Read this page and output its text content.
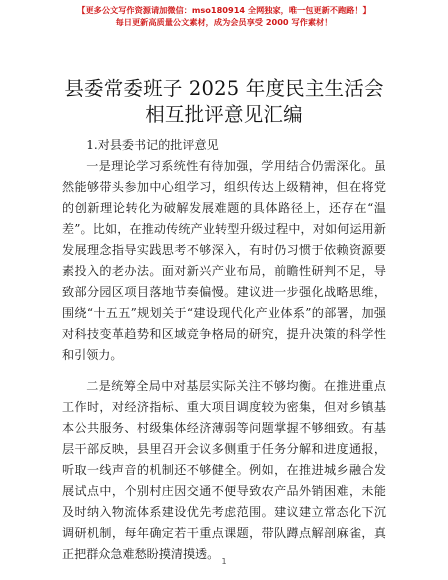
【更多公文写作资源请加微信：mso180914 全网独家，唯一包更新不跑路！】
每日更新高质量公文素材，成为会员享受 2000 写作素材！
县委常委班子 2025 年度民主生活会相互批评意见汇编

1.对县委书记的批评意见

一是理论学习系统性有待加强，学用结合仍需深化。虽然能够带头参加中心组学习，组织传达上级精神，但在将党的创新理论转化为破解发展难题的具体路径上，还存在“温差”。比如，在推动传统产业转型升级过程中，对如何运用新发展理念指导实践思考不够深入，有时仍习惯于依赖资源要素投入的老办法。面对新兴产业布局，前瞻性研判不足，导致部分园区项目落地节奏偏慢。建议进一步强化战略思维，围绕“十五五”规划关于“建设现代化产业体系”的部署，加强对科技变革趋势和区域竞争格局的研究，提升决策的科学性和引领力。

二是统筹全局中对基层实际关注不够均衡。在推进重点工作时，对经济指标、重大项目调度较为密集，但对乡镇基本公共服务、村级集体经济薄弱等问题掌握不够细致。有基层干部反映，县里召开会议多侧重于任务分解和进度通报，听取一线声音的机制还不够健全。例如，在推进城乡融合发展试点中，个别村庄因交通不便导致农产品外销困难，未能及时纳入物流体系建设优先考虑范围。建议建立常态化下沉调研机制，每年确定若干重点课题，带队蹲点解剖麻雀，真正把群众急难愁盼摸清摸透。

1
